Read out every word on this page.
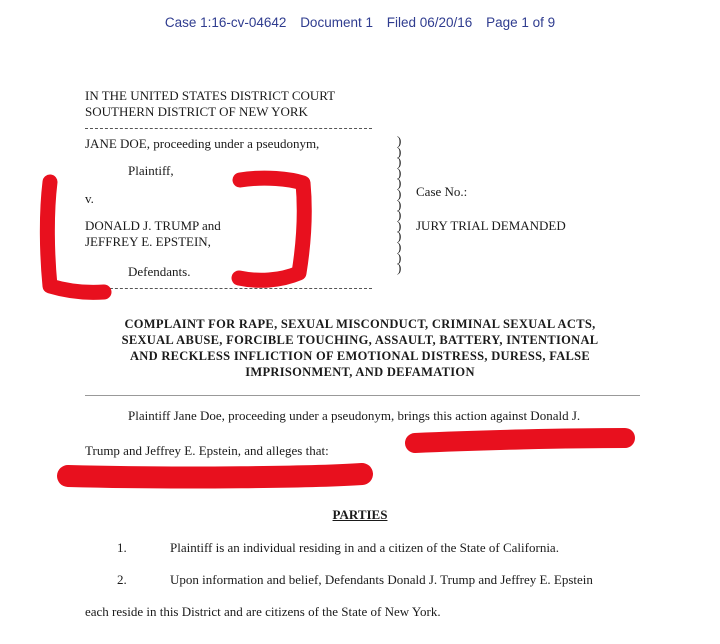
Case 1:16-cv-04642 Document 1 Filed 06/20/16 Page 1 of 9
IN THE UNITED STATES DISTRICT COURT
SOUTHERN DISTRICT OF NEW YORK
JANE DOE, proceeding under a pseudonym,
Plaintiff,
v.
DONALD J. TRUMP and
JEFFREY E. EPSTEIN,
Defendants.
)
)
)
)
)
)
)
)
)
)
)
)
)
Case No.:
JURY TRIAL DEMANDED
COMPLAINT FOR RAPE, SEXUAL MISCONDUCT, CRIMINAL SEXUAL ACTS,
SEXUAL ABUSE, FORCIBLE TOUCHING, ASSAULT, BATTERY, INTENTIONAL
AND RECKLESS INFLICTION OF EMOTIONAL DISTRESS, DURESS, FALSE
IMPRISONMENT, AND DEFAMATION
Plaintiff Jane Doe, proceeding under a pseudonym, brings this action against Donald J.
Trump and Jeffrey E. Epstein, and alleges that:
PARTIES
1.	Plaintiff is an individual residing in and a citizen of the State of California.
2.	Upon information and belief, Defendants Donald J. Trump and Jeffrey E. Epstein
each reside in this District and are citizens of the State of New York.
